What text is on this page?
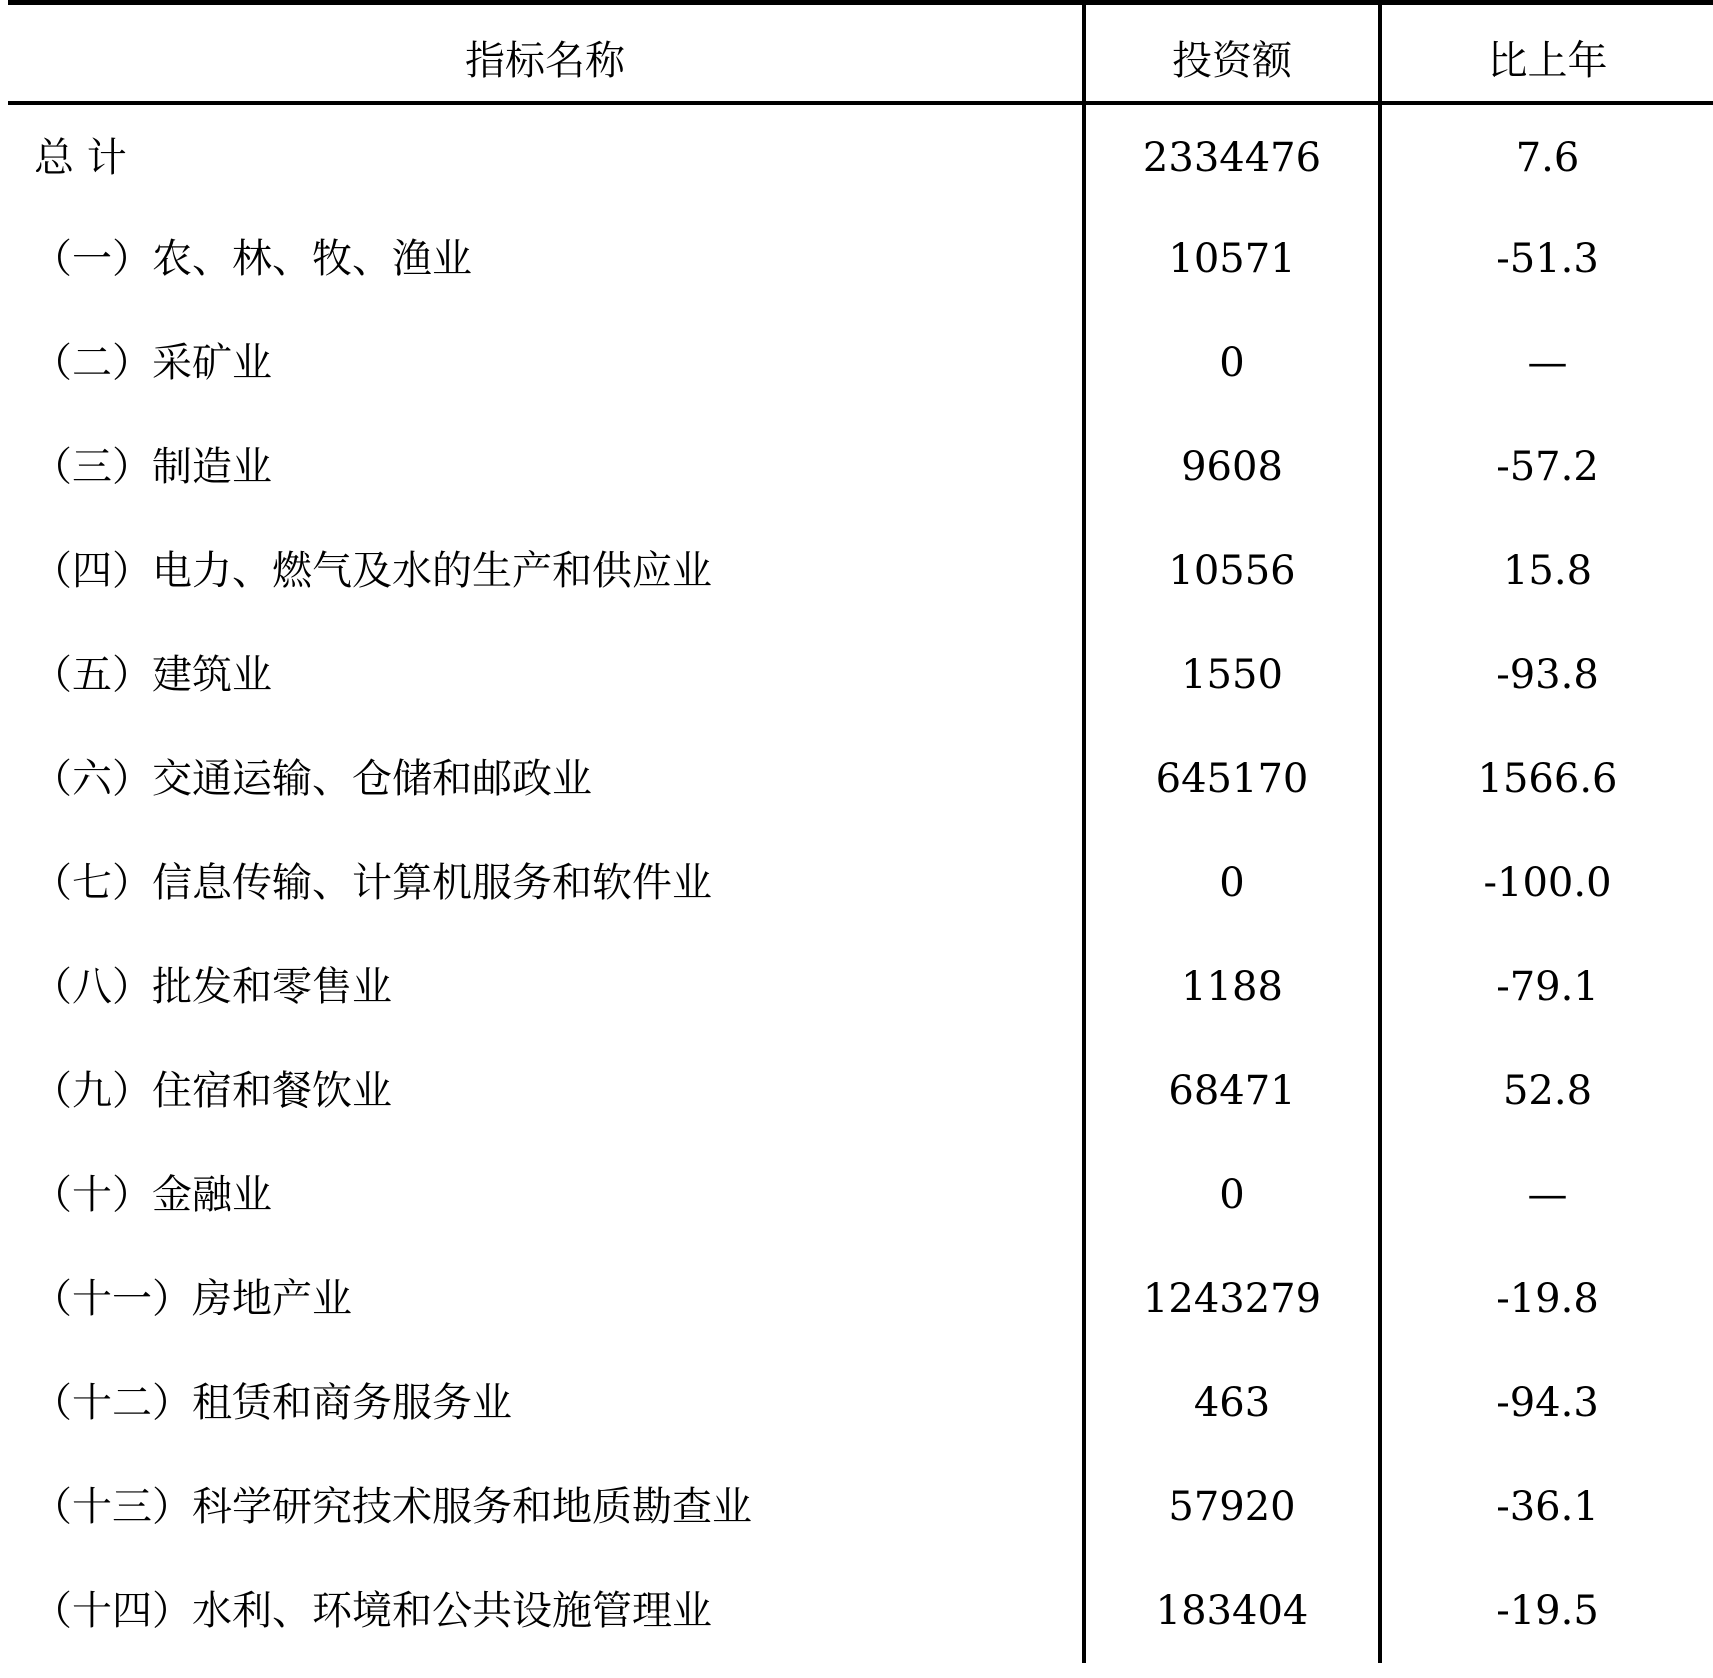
指标名称	投资额	比上年
总 计	2334476	7.6
（一）农、林、牧、渔业	10571	-51.3
（二）采矿业	0	—
（三）制造业	9608	-57.2
（四）电力、燃气及水的生产和供应业	10556	15.8
（五）建筑业	1550	-93.8
（六）交通运输、仓储和邮政业	645170	1566.6
（七）信息传输、计算机服务和软件业	0	-100.0
（八）批发和零售业	1188	-79.1
（九）住宿和餐饮业	68471	52.8
（十）金融业	0	—
（十一）房地产业	1243279	-19.8
（十二）租赁和商务服务业	463	-94.3
（十三）科学研究技术服务和地质勘查业	57920	-36.1
（十四）水利、环境和公共设施管理业	183404	-19.5
